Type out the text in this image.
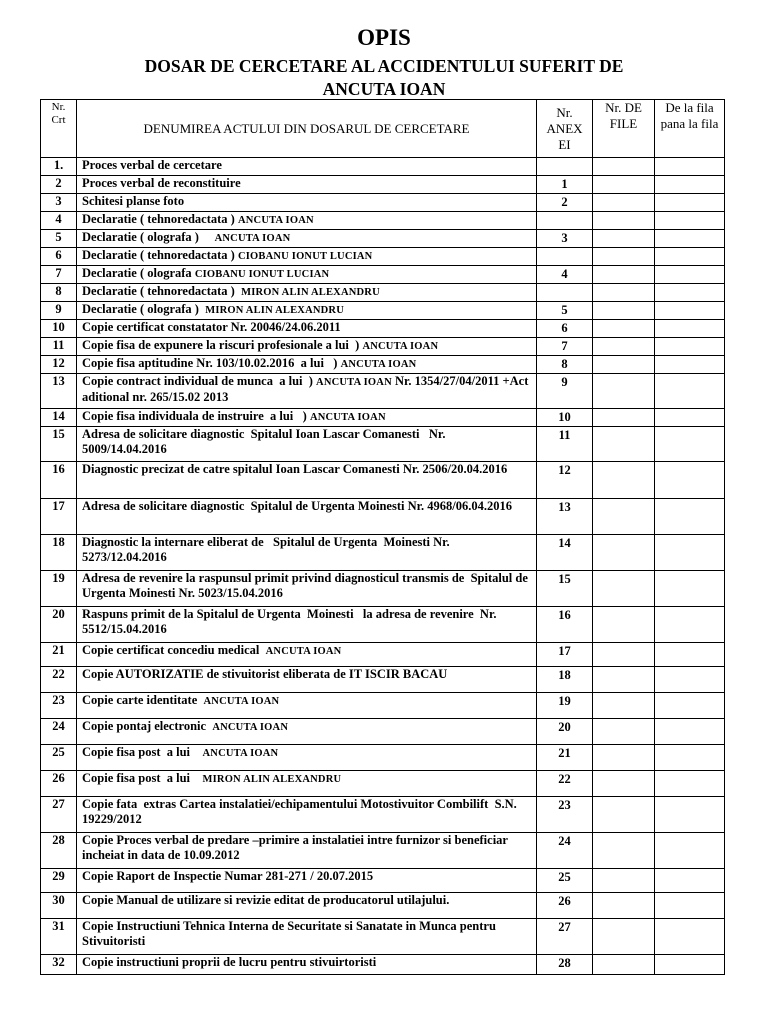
OPIS
DOSAR DE CERCETARE AL ACCIDENTULUI SUFERIT DE
ANCUTA IOAN
Nr. Crt	DENUMIREA ACTULUI DIN DOSARUL DE CERCETARE	Nr. ANEX EI	Nr. DE FILE	De la fila pana la fila
1.	Proces verbal de cercetare			
2	Proces verbal de reconstituire	1		
3	Schitesi planse foto	2		
4	Declaratie ( tehnoredactata ) ANCUTA IOAN			
5	Declaratie ( olografa )     ANCUTA IOAN	3		
6	Declaratie ( tehnoredactata ) CIOBANU IONUT LUCIAN			
7	Declaratie ( olografa CIOBANU IONUT LUCIAN	4		
8	Declaratie ( tehnoredactata )  MIRON ALIN ALEXANDRU			
9	Declaratie ( olografa )  MIRON ALIN ALEXANDRU	5		
10	Copie certificat constatator Nr. 20046/24.06.2011	6		
11	Copie fisa de expunere la riscuri profesionale a lui  ) ANCUTA IOAN	7		
12	Copie fisa aptitudine Nr. 103/10.02.2016  a lui   ) ANCUTA IOAN	8		
13	Copie contract individual de munca  a lui  ) ANCUTA IOAN Nr. 1354/27/04/2011 +Act aditional nr. 265/15.02 2013	9		
14	Copie fisa individuala de instruire  a lui   ) ANCUTA IOAN	10		
15	Adresa de solicitare diagnostic  Spitalul Ioan Lascar Comanesti   Nr. 5009/14.04.2016	11		
16	Diagnostic precizat de catre spitalul Ioan Lascar Comanesti Nr. 2506/20.04.2016	12		
17	Adresa de solicitare diagnostic  Spitalul de Urgenta Moinesti Nr. 4968/06.04.2016	13		
18	Diagnostic la internare eliberat de   Spitalul de Urgenta  Moinesti Nr. 5273/12.04.2016	14		
19	Adresa de revenire la raspunsul primit privind diagnosticul transmis de  Spitalul de Urgenta Moinesti Nr. 5023/15.04.2016	15		
20	Raspuns primit de la Spitalul de Urgenta  Moinesti   la adresa de revenire  Nr. 5512/15.04.2016	16		
21	Copie certificat concediu medical  ANCUTA IOAN	17		
22	Copie AUTORIZATIE de stivuitorist eliberata de IT ISCIR BACAU	18		
23	Copie carte identitate  ANCUTA IOAN	19		
24	Copie pontaj electronic  ANCUTA IOAN	20		
25	Copie fisa post  a lui    ANCUTA IOAN	21		
26	Copie fisa post  a lui    MIRON ALIN ALEXANDRU	22		
27	Copie fata  extras Cartea instalatiei/echipamentului Motostivuitor Combilift  S.N. 19229/2012	23		
28	Copie Proces verbal de predare –primire a instalatiei intre furnizor si beneficiar incheiat in data de 10.09.2012	24		
29	Copie Raport de Inspectie Numar 281-271 / 20.07.2015	25		
30	Copie Manual de utilizare si revizie editat de producatorul utilajului.	26		
31	Copie Instructiuni Tehnica Interna de Securitate si Sanatate in Munca pentru Stivuitoristi	27		
32	Copie instructiuni proprii de lucru pentru stivuirtoristi	28		
